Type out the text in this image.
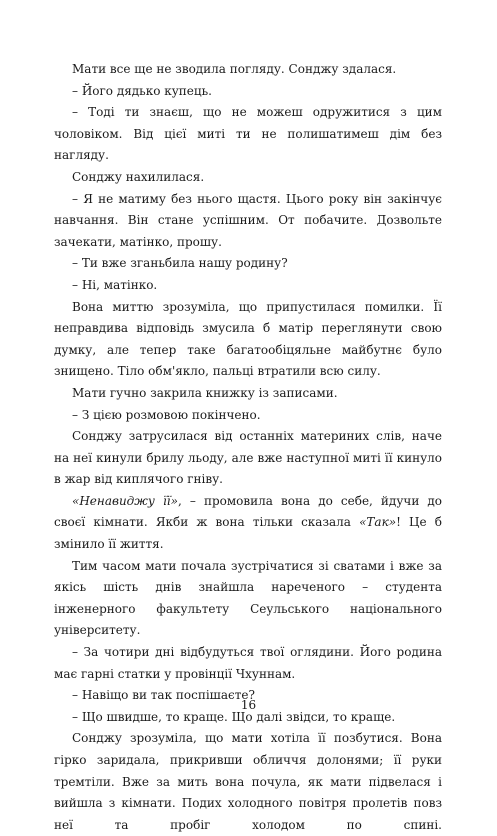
Мати все ще не зводила погляду. Сонджу здалася.

– Його дядько купець.

– Тоді ти знаєш, що не можеш одружитися з цим чоловіком. Від цієї миті ти не полишатимеш дім без нагляду.

Сонджу нахилилася.

– Я не матиму без нього щастя. Цього року він закінчує навчання. Він стане успішним. От побачите. Дозвольте зачекати, матінко, прошу.

– Ти вже зганьбила нашу родину?

– Ні, матінко.

Вона миттю зрозуміла, що припустилася помилки. Її неправдива відповідь змусила б матір переглянути свою думку, але тепер таке багатообіцяльне майбутнє було знищено. Тіло обм'якло, пальці втратили всю силу.

Мати гучно закрила книжку із записами.

– З цією розмовою покінчено.

Сонджу затрусилася від останніх материних слів, наче на неї кинули брилу льоду, але вже наступної миті її кинуло в жар від киплячого гніву.

«Ненавиджу її», – промовила вона до себе, йдучи до своєї кімнати. Якби ж вона тільки сказала «Так»! Це б змінило її життя.

Тим часом мати почала зустрічатися зі сватами і вже за якісь шість днів знайшла нареченого – студента інженерного факультету Сеульського національного університету.

– За чотири дні відбудуться твої оглядини. Його родина має гарні статки у провінції Чхуннам.

– Навіщо ви так поспішаєте?

– Що швидше, то краще. Що далі звідси, то краще.

Сонджу зрозуміла, що мати хотіла її позбутися. Вона гірко заридала, прикривши обличчя долонями; її руки тремтіли. Вже за мить вона почула, як мати підвелася і вийшла з кімнати. Подих холодного повітря пролетів повз неї та пробіг холодом по спині.

16
